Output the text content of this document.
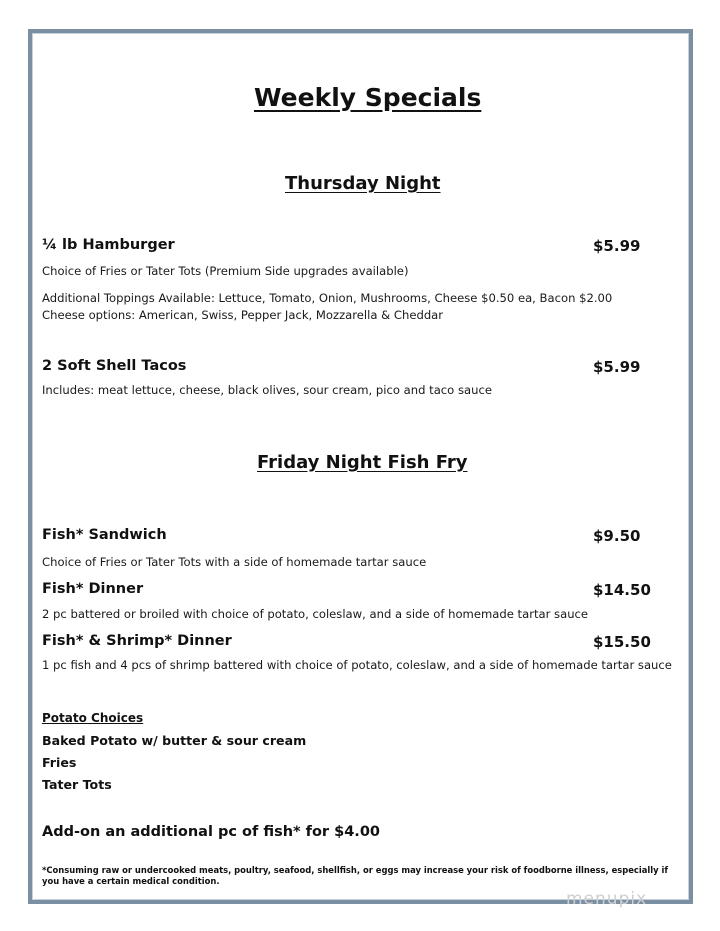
Weekly Specials
Thursday Night
¼ lb Hamburger	$5.99
Choice of Fries or Tater Tots (Premium Side upgrades available)
Additional Toppings Available: Lettuce, Tomato, Onion, Mushrooms, Cheese $0.50 ea, Bacon $2.00
Cheese options: American, Swiss, Pepper Jack, Mozzarella & Cheddar
2 Soft Shell Tacos	$5.99
Includes: meat lettuce, cheese, black olives, sour cream, pico and taco sauce
Friday Night Fish Fry
Fish* Sandwich	$9.50
Choice of Fries or Tater Tots with a side of homemade tartar sauce
Fish* Dinner	$14.50
2 pc battered or broiled with choice of potato, coleslaw, and a side of homemade tartar sauce
Fish* & Shrimp* Dinner	$15.50
1 pc fish and 4 pcs of shrimp battered with choice of potato, coleslaw, and a side of homemade tartar sauce
Potato Choices
Baked Potato w/ butter & sour cream
Fries
Tater Tots
Add-on an additional pc of fish* for $4.00
*Consuming raw or undercooked meats, poultry, seafood, shellfish, or eggs may increase your risk of foodborne illness, especially if you have a certain medical condition.
menupix
